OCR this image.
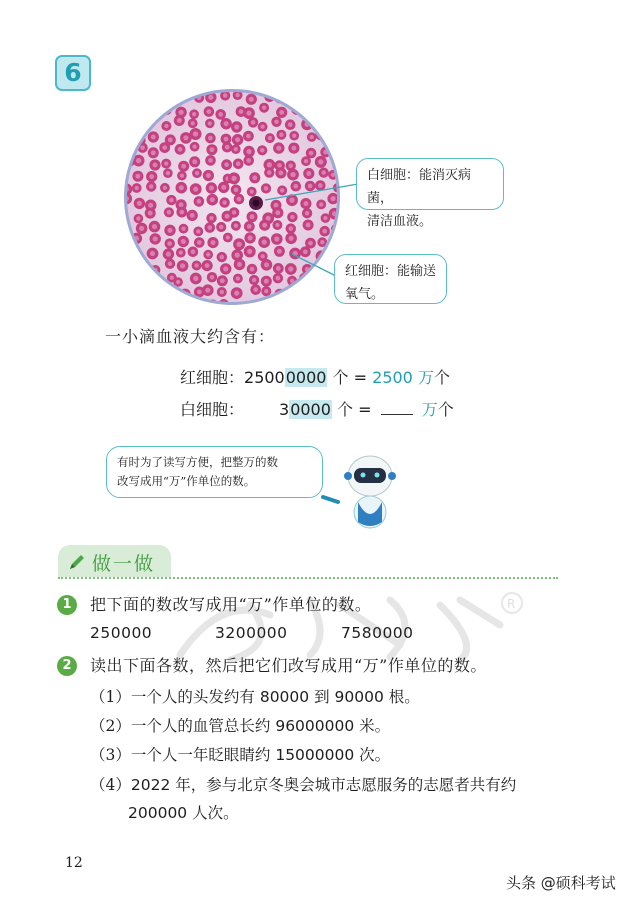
6
白细胞：能消灭病菌，
清洁血液。
红细胞：能输送
氧气。
一小滴血液大约含有：
红细胞：25000000 个 = 2500 万个
白细胞： 30000 个 =	万个
有时为了读写方便，把整万的数
改写成用“万”作单位的数。
做一做
R
1	把下面的数改写成用“万”作单位的数。
250000	3200000	7580000
2	读出下面各数，然后把它们改写成用“万”作单位的数。
（1）一个人的头发约有 80000 到 90000 根。
（2）一个人的血管总长约 96000000 米。
（3）一个人一年眨眼睛约 15000000 次。
（4）2022 年，参与北京冬奥会城市志愿服务的志愿者共有约
200000 人次。
12
头条 @硕科考试
